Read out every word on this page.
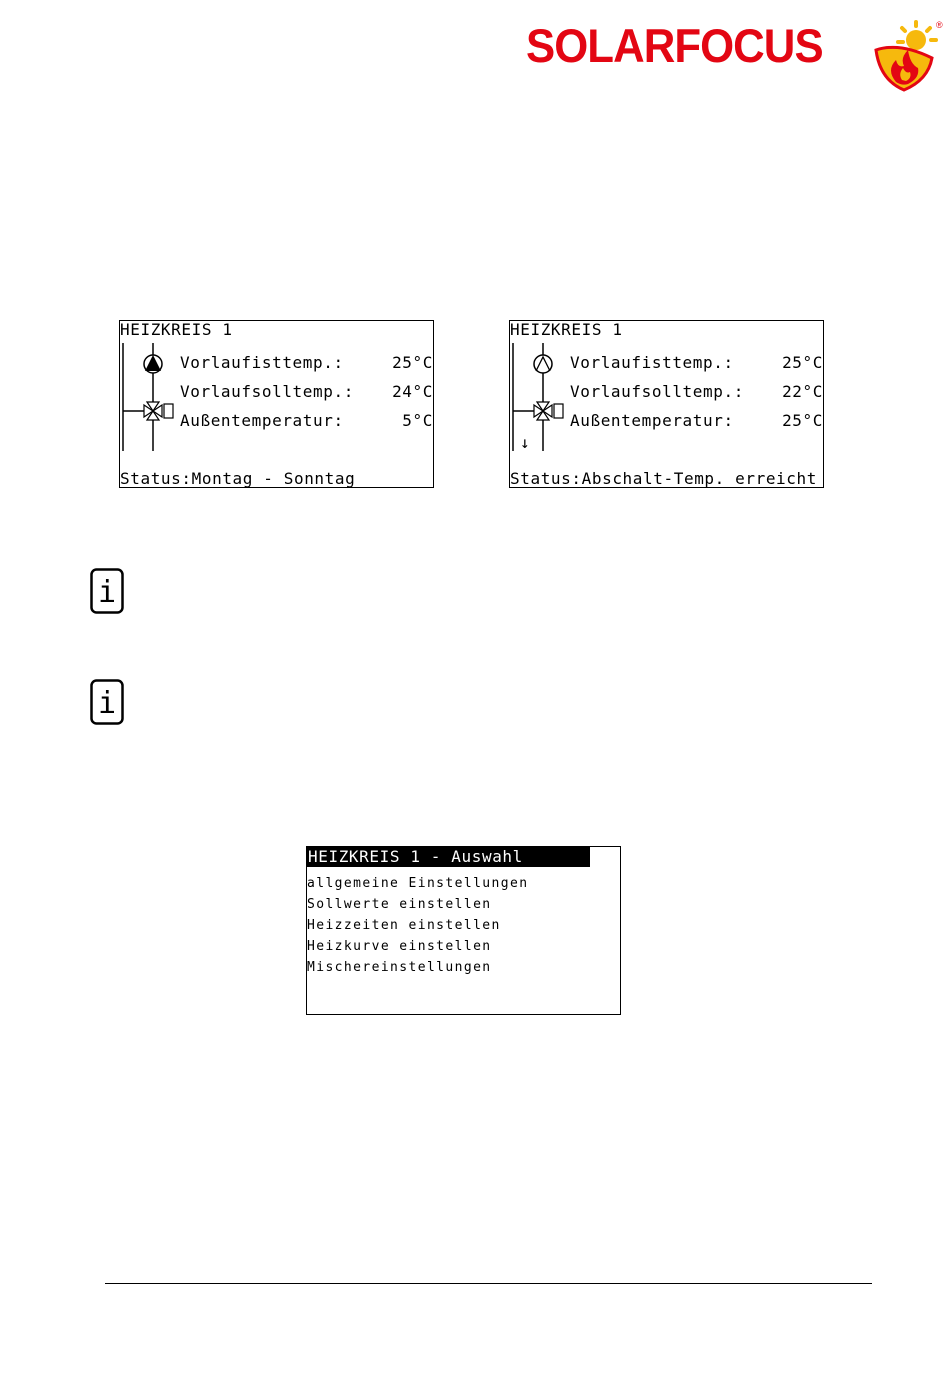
SOLARFOCUS	®
HEIZKREIS 1
Vorlaufisttemp.:	25°C
Vorlaufsolltemp.: 24°C
Außentemperatur:	5°C
Status:Montag - Sonntag
HEIZKREIS 1
Vorlaufisttemp.:	25°C
Vorlaufsolltemp.: 22°C
Außentemperatur:	25°C
↓
Status:Abschalt-Temp. erreicht
i
i
HEIZKREIS 1 - Auswahl
allgemeine Einstellungen
Sollwerte einstellen
Heizzeiten einstellen
Heizkurve einstellen
Mischereinstellungen
